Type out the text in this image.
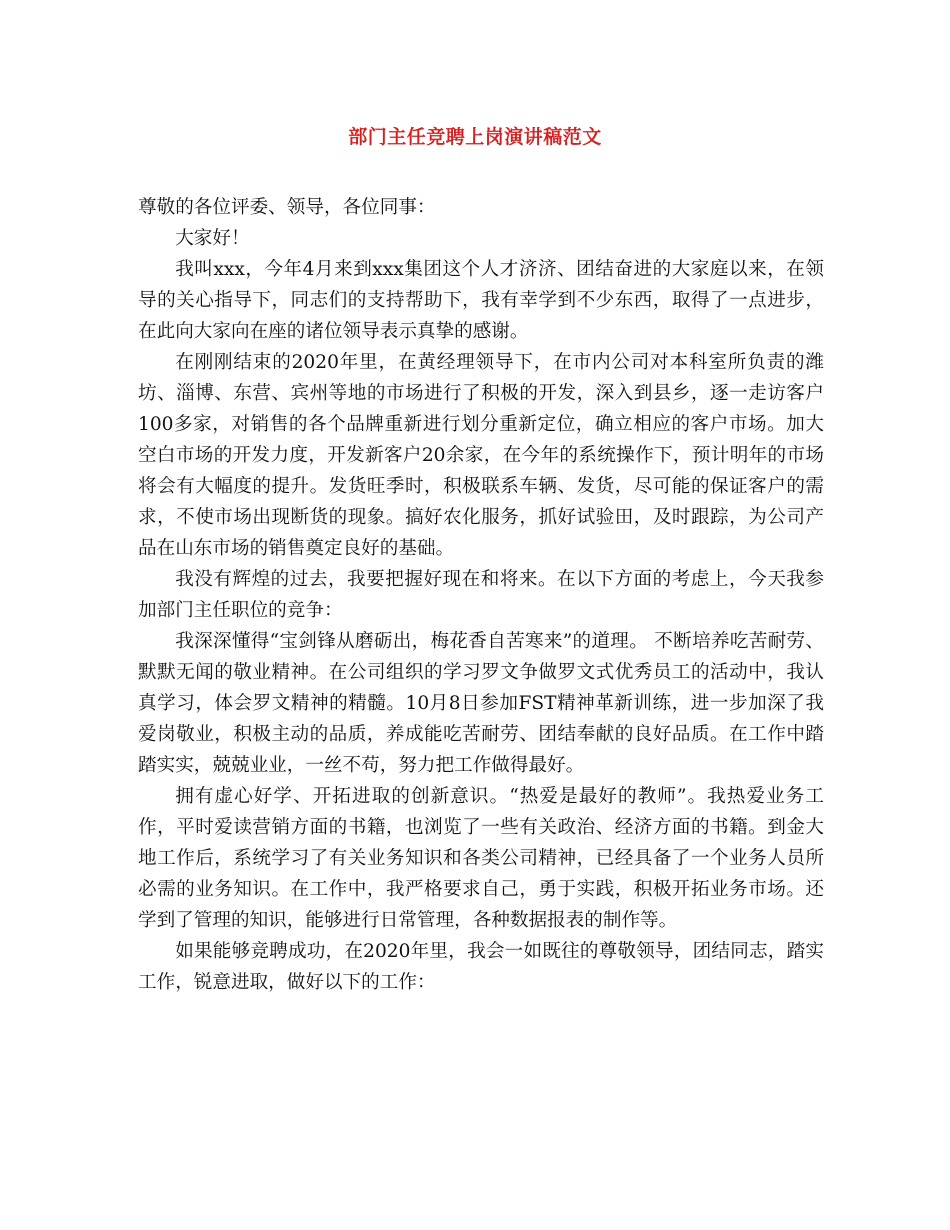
部门主任竞聘上岗演讲稿范文

尊敬的各位评委、领导，各位同事：

大家好！

我叫xxx，今年4月来到xxx集团这个人才济济、团结奋进的大家庭以来，在领导的关心指导下，同志们的支持帮助下，我有幸学到不少东西，取得了一点进步，在此向大家向在座的诸位领导表示真挚的感谢。

在刚刚结束的2020年里，在黄经理领导下，在市内公司对本科室所负责的潍坊、淄博、东营、宾州等地的市场进行了积极的开发，深入到县乡，逐一走访客户100多家，对销售的各个品牌重新进行划分重新定位，确立相应的客户市场。加大空白市场的开发力度，开发新客户20余家，在今年的系统操作下，预计明年的市场将会有大幅度的提升。发货旺季时，积极联系车辆、发货，尽可能的保证客户的需求，不使市场出现断货的现象。搞好农化服务，抓好试验田，及时跟踪，为公司产品在山东市场的销售奠定良好的基础。

我没有辉煌的过去，我要把握好现在和将来。在以下方面的考虑上，今天我参加部门主任职位的竞争：

我深深懂得“宝剑锋从磨砺出，梅花香自苦寒来”的道理。 不断培养吃苦耐劳、默默无闻的敬业精神。在公司组织的学习罗文争做罗文式优秀员工的活动中，我认真学习，体会罗文精神的精髓。10月8日参加FST精神革新训练，进一步加深了我爱岗敬业，积极主动的品质，养成能吃苦耐劳、团结奉献的良好品质。在工作中踏踏实实，兢兢业业，一丝不苟，努力把工作做得最好。

拥有虚心好学、开拓进取的创新意识。“热爱是最好的教师”。我热爱业务工作，平时爱读营销方面的书籍，也浏览了一些有关政治、经济方面的书籍。到金大地工作后，系统学习了有关业务知识和各类公司精神，已经具备了一个业务人员所必需的业务知识。在工作中，我严格要求自己，勇于实践，积极开拓业务市场。还学到了管理的知识，能够进行日常管理，各种数据报表的制作等。

如果能够竞聘成功，在2020年里，我会一如既往的尊敬领导，团结同志，踏实工作，锐意进取，做好以下的工作：
